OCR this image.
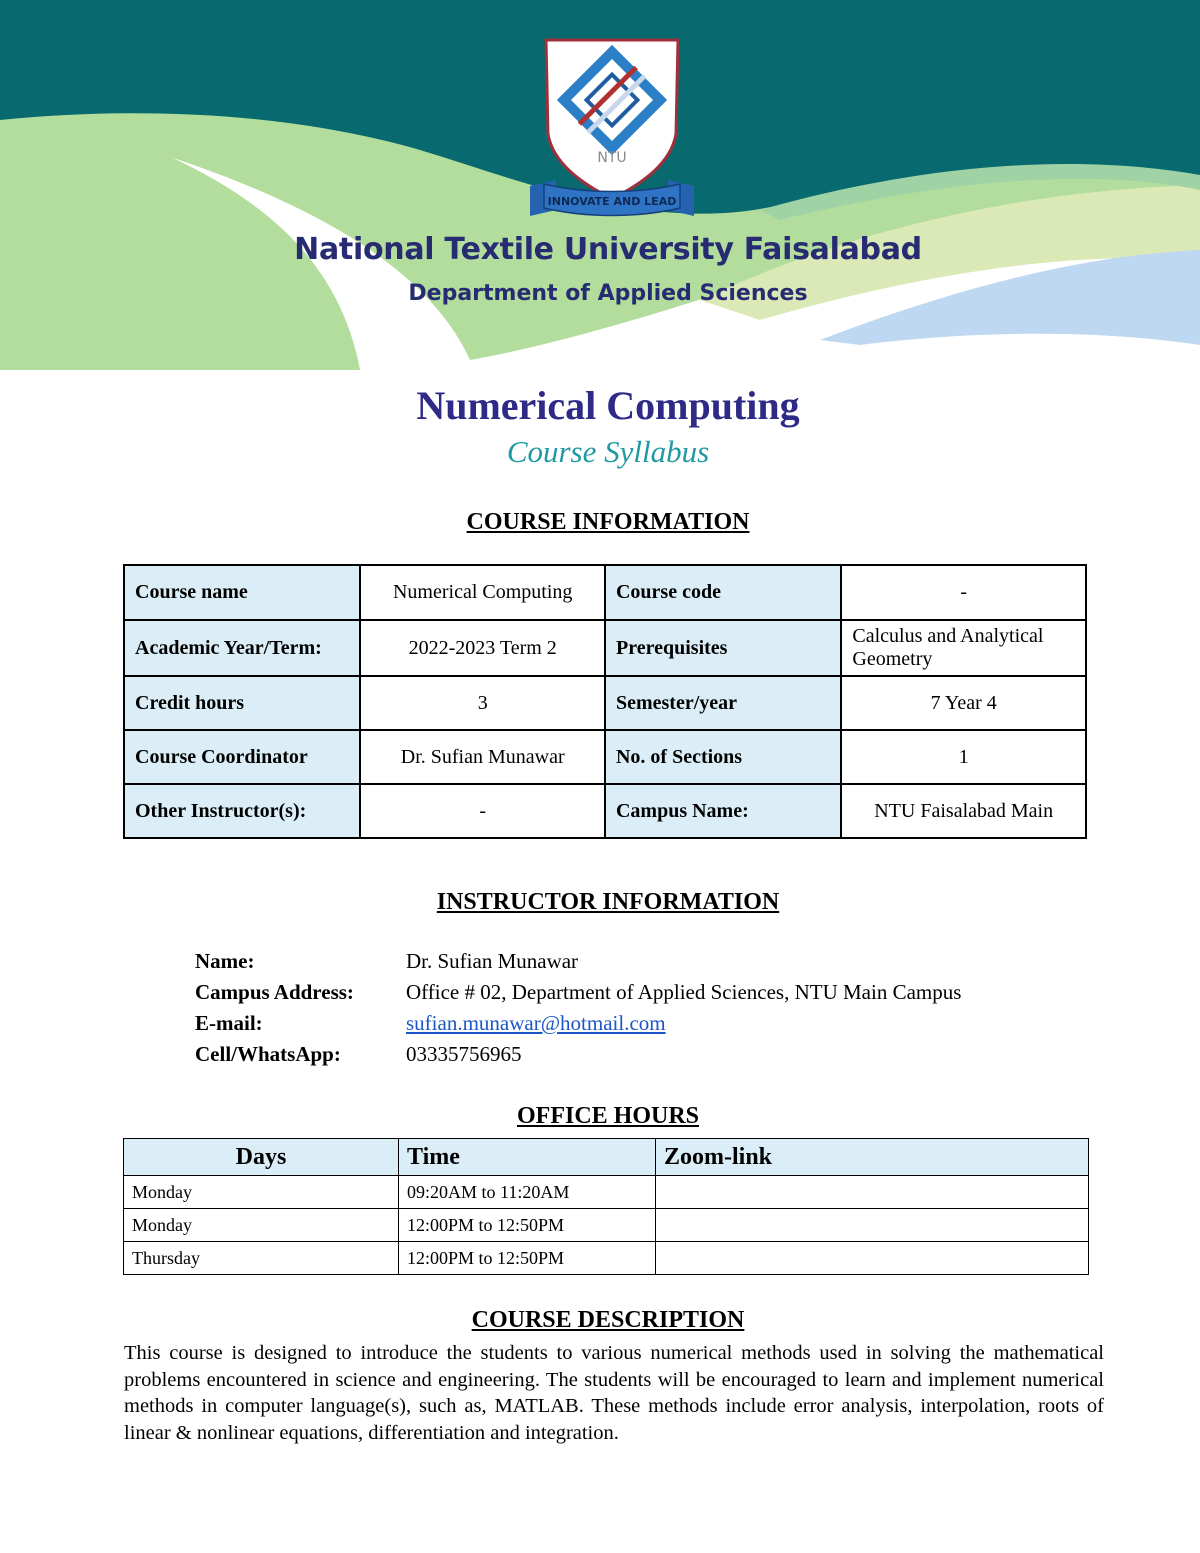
NTU
INNOVATE AND LEAD
National Textile University Faisalabad
Department of Applied Sciences
Numerical Computing
Course Syllabus
COURSE INFORMATION
Course name	Numerical Computing	Course code	-
Academic Year/Term:	2022-2023 Term 2	Prerequisites	Calculus and Analytical Geometry
Credit hours	3	Semester/year	7 Year 4
Course Coordinator	Dr. Sufian Munawar	No. of Sections	1
Other Instructor(s):	-	Campus Name:	NTU Faisalabad Main
INSTRUCTOR INFORMATION
Name:	Dr. Sufian Munawar
Campus Address:	Office # 02, Department of Applied Sciences, NTU Main Campus
E-mail:	sufian.munawar@hotmail.com
Cell/WhatsApp:	03335756965
OFFICE HOURS
Days	Time	Zoom-link
Monday	09:20AM to 11:20AM	
Monday	12:00PM to 12:50PM	
Thursday	12:00PM to 12:50PM	
COURSE DESCRIPTION
This course is designed to introduce the students to various numerical methods used in solving the mathematical problems encountered in science and engineering. The students will be encouraged to learn and implement numerical methods in computer language(s), such as, MATLAB. These methods include error analysis, interpolation, roots of linear & nonlinear equations, differentiation and integration.
